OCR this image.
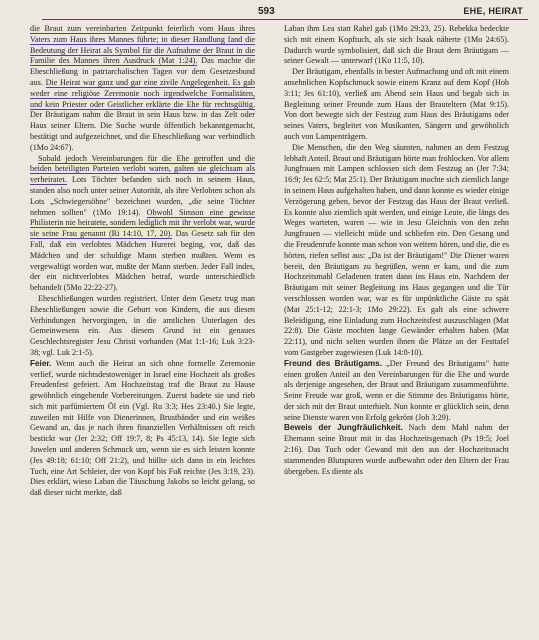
593	EHE, HEIRAT

die Braut zum vereinbarten Zeitpunkt feierlich vom Haus ihres Vaters zum Haus ihres Mannes führte; in dieser Handlung fand die Bedeutung der Heirat als Symbol für die Aufnahme der Braut in die Familie des Mannes ihren Ausdruck (Mat 1:24). Das machte die Eheschließung in patriarchalischen Tagen vor dem Gesetzesbund aus. Die Heirat war ganz und gar eine zivile Angelegenheit. Es gab weder eine religiöse Zeremonie noch irgendwelche Formalitäten, und kein Priester oder Geistlicher erklärte die Ehe für rechtsgültig. Der Bräutigam nahm die Braut in sein Haus bzw. in das Zelt oder Haus seiner Eltern. Die Suche wurde öffentlich bekanntgemacht, bestätigt und aufgezeichnet, und die Eheschließung war verbindlich (1Mo 24:67).

Sobald jedoch Vereinbarungen für die Ehe getroffen und die beiden beteiligten Parteien verlobt waren, galten sie gleichsam als verheiratet. Lots Töchter befanden sich noch in seinem Haus, standen also noch unter seiner Autorität, als ihre Verlobten schon als Lots „Schwiegersöhne" bezeichnet wurden, „die seine Töchter nehmen sollten" (1Mo 19:14). Obwohl Simson eine gewisse Philisterin nie heiratete, sondern lediglich mit ihr verlobt war, wurde sie seine Frau genannt (Ri 14:10, 17, 20). Das Gesetz sah für den Fall, daß ein verlobtes Mädchen Hurerei beging, vor, daß das Mädchen und der schuldige Mann sterben mußten. Wenn es vergewaltigt worden war, mußte der Mann sterben. Jeder Fall indes, der ein nichtverlobtes Mädchen betraf, wurde unterschiedlich behandelt (5Mo 22:22-27).

Eheschließungen wurden registriert. Unter dem Gesetz trug man Eheschließungen sowie die Geburt von Kindern, die aus diesen Verbindungen hervorgingen, in die amtlichen Unterlagen des Gemeinwesens ein. Aus diesem Grund ist ein genaues Geschlechtsregister Jesu Christi vorhanden (Mat 1:1-16; Luk 3:23-38; vgl. Luk 2:1-5).

Feier. Wenn auch die Heirat an sich ohne formelle Zeremonie verlief, wurde nichtsdestoweniger in Israel eine Hochzeit als großes Freudenfest gefeiert. Am Hochzeitstag traf die Braut zu Hause gewöhnlich eingehende Vorbereitungen. Zuerst badete sie und rieb sich mit parfümiertem Öl ein (Vgl. Ru 3:3; Hes 23:40.) Sie legte, zuweilen mit Hilfe von Dienerinnen, Brustbänder und ein weißes Gewand an, das je nach ihren finanziellen Verhältnissen oft reich bestickt war (Jer 2:32; Off 19:7, 8; Ps 45:13, 14). Sie legte sich Juwelen und anderen Schmuck um, wenn sie es sich leisten konnte (Jes 49:18; 61:10; Off 21:2), und hüllte sich dann in ein leichtes Tuch, eine Art Schleier, der von Kopf bis Fuß reichte (Jes 3:19, 23). Dies erklärt, wieso Laban die Täuschung Jakobs so leicht gelang, so daß dieser nicht merkte, daß

Laban ihm Lea statt Rahel gab (1Mo 29:23, 25). Rebekka bedeckte sich mit einem Kopftuch, als sie sich Isaak näherte (1Mo 24:65). Dadurch wurde symbolisiert, daß sich die Braut dem Bräutigam — seiner Gewalt — unterwarf (1Ko 11:5, 10).

Der Bräutigam, ebenfalls in bester Aufmachung und oft mit einem ansehnlichen Kopfschmuck sowie einem Kranz auf dem Kopf (Hoh 3:11; Jes 61:10), verließ am Abend sein Haus und begab sich in Begleitung seiner Freunde zum Haus der Brauteltern (Mat 9:15). Von dort bewegte sich der Festzug zum Haus des Bräutigams oder seines Vaters, begleitet von Musikanten, Sängern und gewöhnlich auch von Lampenträgern.

Die Menschen, die den Weg säumten, nahmen an dem Festzug lebhaft Anteil. Braut und Bräutigam hörte man frohlocken. Vor allem Jungfrauen mit Lampen schlossen sich dem Festzug an (Jer 7:34; 16:9; Jes 62:5; Mat 25:1). Der Bräutigam mochte sich ziemlich lange in seinem Haus aufgehalten haben, und dann konnte es wieder einige Verzögerung geben, bevor der Festzug das Haus der Braut verließ. Es konnte also ziemlich spät werden, und einige Leute, die längs des Weges warteten, waren — wie in Jesu Gleichnis von den zehn Jungfrauen — vielleicht müde und schliefen ein. Den Gesang und die Freudenrufe konnte man schon von weitem hören, und die, die es hörten, riefen selbst aus: „Da ist der Bräutigam!" Die Diener waren bereit, den Bräutigam zu begrüßen, wenn er kam, und die zum Hochzeitsmahl Geladenen traten dann ins Haus ein. Nachdem der Bräutigam mit seiner Begleitung ins Haus gegangen und die Tür verschlossen worden war, war es für unpünktliche Gäste zu spät (Mat 25:1-12; 22:1-3; 1Mo 29:22). Es galt als eine schwere Beleidigung, eine Einladung zum Hochzeitsfest auszuschlagen (Mat 22:8). Die Gäste mochten lange Gewänder erhalten haben (Mat 22:11), und nicht selten wurden ihnen die Plätze an der Festtafel vom Gastgeber zugewiesen (Luk 14:8-10).

Freund des Bräutigams. „Der Freund des Bräutigams" hatte einen großen Anteil an den Vereinbarungen für die Ehe und wurde als derjenige angesehen, der Braut und Bräutigam zusammenführte. Seine Freude war groß, wenn er die Stimme des Bräutigams hörte, der sich mit der Braut unterhielt. Nun konnte er glücklich sein, denn seine Dienste waren von Erfolg gekrönt (Joh 3:29).

Beweis der Jungfräulichkeit. Nach dem Mahl nahm der Ehemann seine Braut mit in das Hochzeitsgemach (Ps 19:5; Joel 2:16). Das Tuch oder Gewand mit den aus der Hochzeitsnacht stammenden Blutspuren wurde aufbewahrt oder den Eltern der Frau übergeben. Es diente als
